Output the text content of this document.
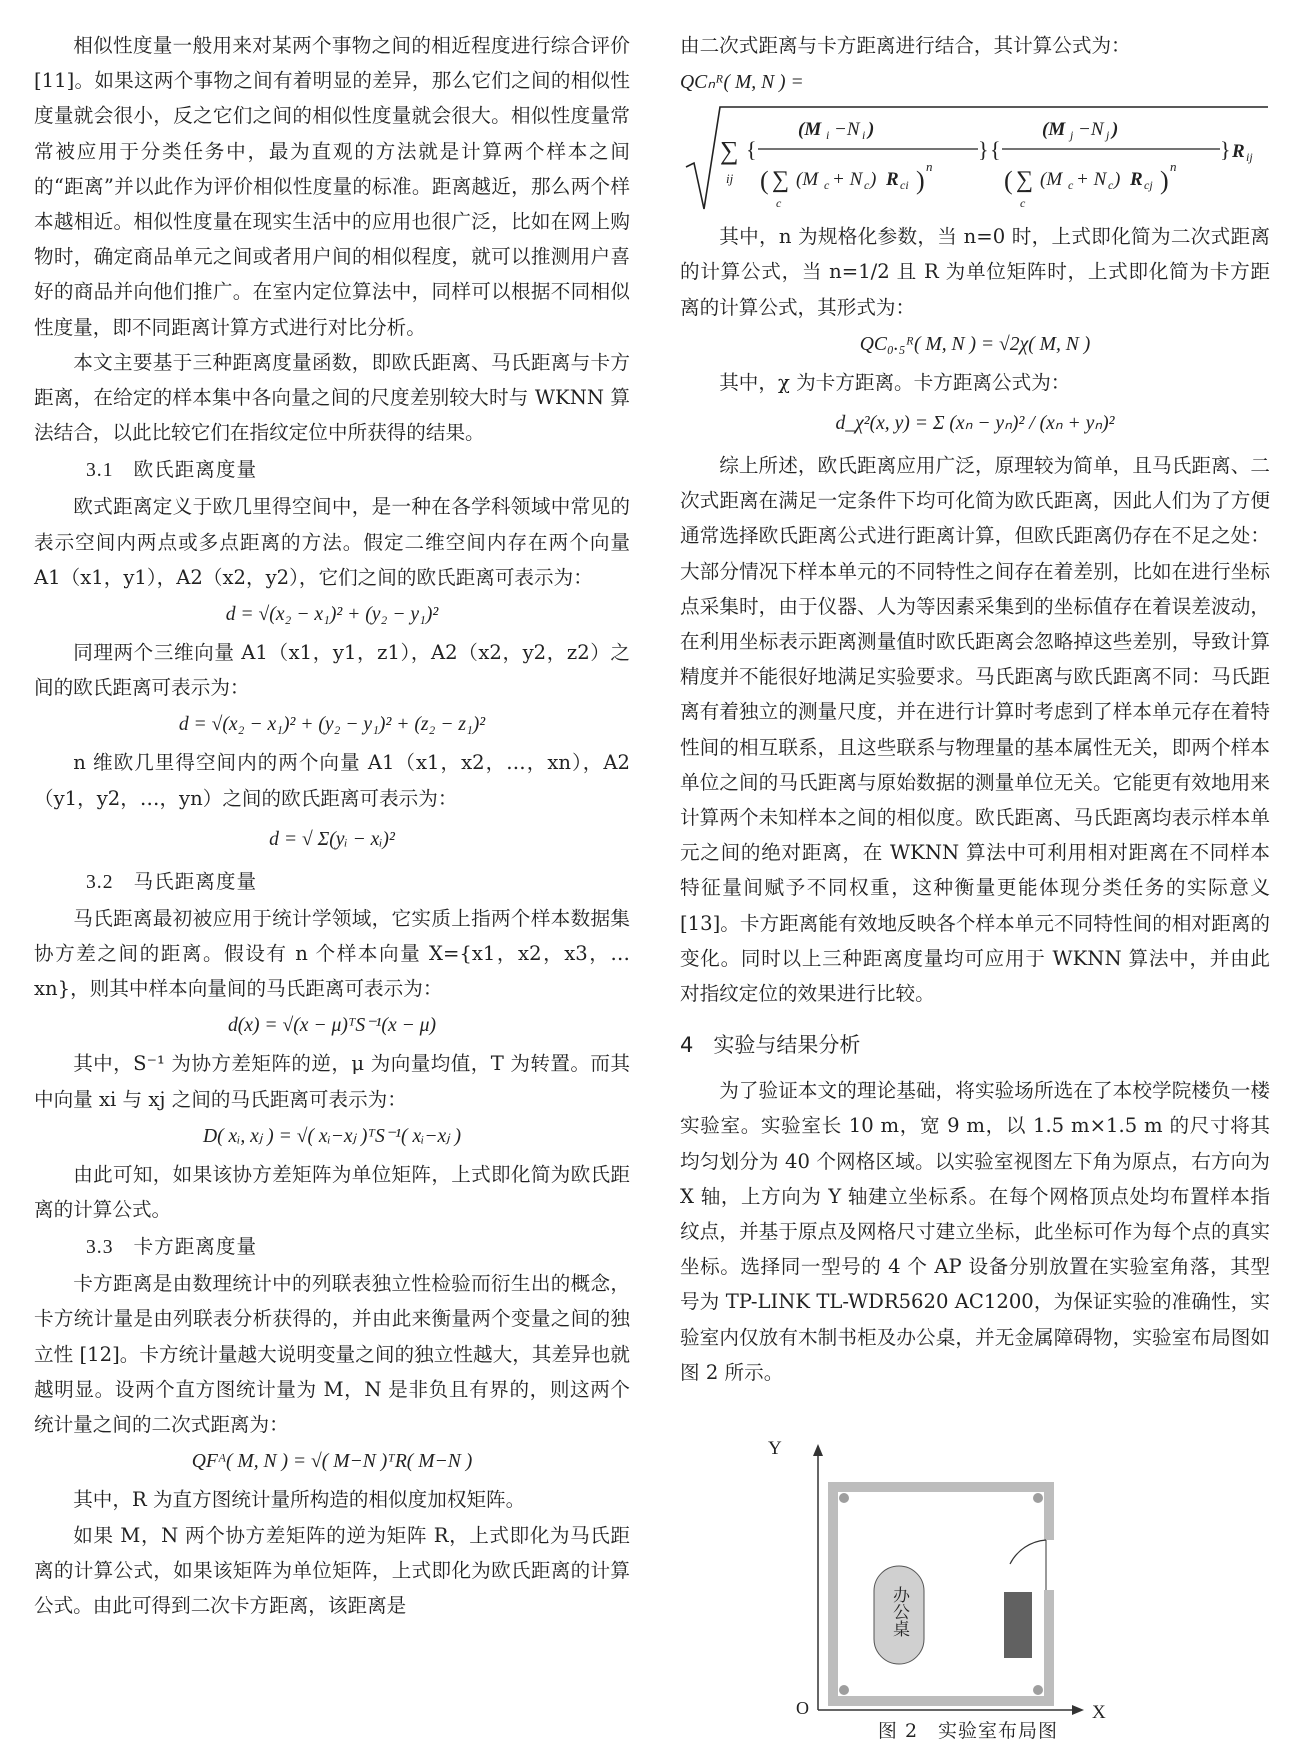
相似性度量一般用来对某两个事物之间的相近程度进行综合评价 [11]。如果这两个事物之间有着明显的差异，那么它们之间的相似性度量就会很小，反之它们之间的相似性度量就会很大。相似性度量常常被应用于分类任务中，最为直观的方法就是计算两个样本之间的“距离”并以此作为评价相似性度量的标准。距离越近，那么两个样本越相近。相似性度量在现实生活中的应用也很广泛，比如在网上购物时，确定商品单元之间或者用户间的相似程度，就可以推测用户喜好的商品并向他们推广。在室内定位算法中，同样可以根据不同相似性度量，即不同距离计算方式进行对比分析。

本文主要基于三种距离度量函数，即欧氏距离、马氏距离与卡方距离，在给定的样本集中各向量之间的尺度差别较大时与 WKNN 算法结合，以此比较它们在指纹定位中所获得的结果。

3.1 欧氏距离度量

欧式距离定义于欧几里得空间中，是一种在各学科领域中常见的表示空间内两点或多点距离的方法。假定二维空间内存在两个向量 A1（x1，y1），A2（x2，y2），它们之间的欧氏距离可表示为：

d = √(x₂ − x₁)² + (y₂ − y₁)²

同理两个三维向量 A1（x1，y1，z1），A2（x2，y2，z2）之间的欧氏距离可表示为：

d = √(x₂ − x₁)² + (y₂ − y₁)² + (z₂ − z₁)²

n 维欧几里得空间内的两个向量 A1（x1，x2，…，xn），A2（y1，y2，…，yn）之间的欧氏距离可表示为：

d = √ Σ(yᵢ − xᵢ)²
3.2 马氏距离度量

马氏距离最初被应用于统计学领域，它实质上指两个样本数据集协方差之间的距离。假设有 n 个样本向量 X={x1，x2，x3，…xn}，则其中样本向量间的马氏距离可表示为：

d(x) = √(x − μ)ᵀS⁻¹(x − μ)

其中，S⁻¹ 为协方差矩阵的逆，μ 为向量均值，T 为转置。而其中向量 xi 与 xj 之间的马氏距离可表示为：

D( xᵢ, xⱼ ) = √( xᵢ−xⱼ )ᵀS⁻¹( xᵢ−xⱼ )

由此可知，如果该协方差矩阵为单位矩阵，上式即化简为欧氏距离的计算公式。

3.3 卡方距离度量

卡方距离是由数理统计中的列联表独立性检验而衍生出的概念，卡方统计量是由列联表分析获得的，并由此来衡量两个变量之间的独立性 [12]。卡方统计量越大说明变量之间的独立性越大，其差异也就越明显。设两个直方图统计量为 M，N 是非负且有界的，则这两个统计量之间的二次式距离为：

QFᴬ( M, N ) = √( M−N )ᵀR( M−N )

其中，R 为直方图统计量所构造的相似度加权矩阵。

如果 M，N 两个协方差矩阵的逆为矩阵 R，上式即化为马氏距离的计算公式，如果该矩阵为单位矩阵，上式即化为欧氏距离的计算公式。由此可得到二次卡方距离，该距离是

由二次式距离与卡方距离进行结合，其计算公式为：

QCₙᴿ( M, N ) =
∑
ij
{
(M i −N i )
( ∑
c
(M c + N c ) R ci ) n
} {
(M j −N j )
( ∑
c
(M c + N c ) R cj ) n
} R ij

其中，n 为规格化参数，当 n=0 时，上式即化简为二次式距离的计算公式，当 n=1/2 且 R 为单位矩阵时，上式即化简为卡方距离的计算公式，其形式为：

QC₀.₅ᴿ( M, N ) = √2χ( M, N )

其中，χ 为卡方距离。卡方距离公式为：

d_χ²(x, y) = Σ (xₙ − yₙ)² / (xₙ + yₙ)²

综上所述，欧氏距离应用广泛，原理较为简单，且马氏距离、二次式距离在满足一定条件下均可化简为欧氏距离，因此人们为了方便通常选择欧氏距离公式进行距离计算，但欧氏距离仍存在不足之处：大部分情况下样本单元的不同特性之间存在着差别，比如在进行坐标点采集时，由于仪器、人为等因素采集到的坐标值存在着误差波动，在利用坐标表示距离测量值时欧氏距离会忽略掉这些差别，导致计算精度并不能很好地满足实验要求。马氏距离与欧氏距离不同：马氏距离有着独立的测量尺度，并在进行计算时考虑到了样本单元存在着特性间的相互联系，且这些联系与物理量的基本属性无关，即两个样本单位之间的马氏距离与原始数据的测量单位无关。它能更有效地用来计算两个未知样本之间的相似度。欧氏距离、马氏距离均表示样本单元之间的绝对距离，在 WKNN 算法中可利用相对距离在不同样本特征量间赋予不同权重，这种衡量更能体现分类任务的实际意义 [13]。卡方距离能有效地反映各个样本单元不同特性间的相对距离的变化。同时以上三种距离度量均可应用于 WKNN 算法中，并由此对指纹定位的效果进行比较。

4 实验与结果分析

为了验证本文的理论基础，将实验场所选在了本校学院楼负一楼实验室。实验室长 10 m，宽 9 m，以 1.5 m×1.5 m 的尺寸将其均匀划分为 40 个网格区域。以实验室视图左下角为原点，右方向为 X 轴，上方向为 Y 轴建立坐标系。在每个网格顶点处均布置样本指纹点，并基于原点及网格尺寸建立坐标，此坐标可作为每个点的真实坐标。选择同一型号的 4 个 AP 设备分别放置在实验室角落，其型号为 TP-LINK TL-WDR5620 AC1200，为保证实验的准确性，实验室内仅放有木制书柜及办公桌，并无金属障碍物，实验室布局图如图 2 所示。

Y
X
O
办公桌
图 2　实验室布局图
